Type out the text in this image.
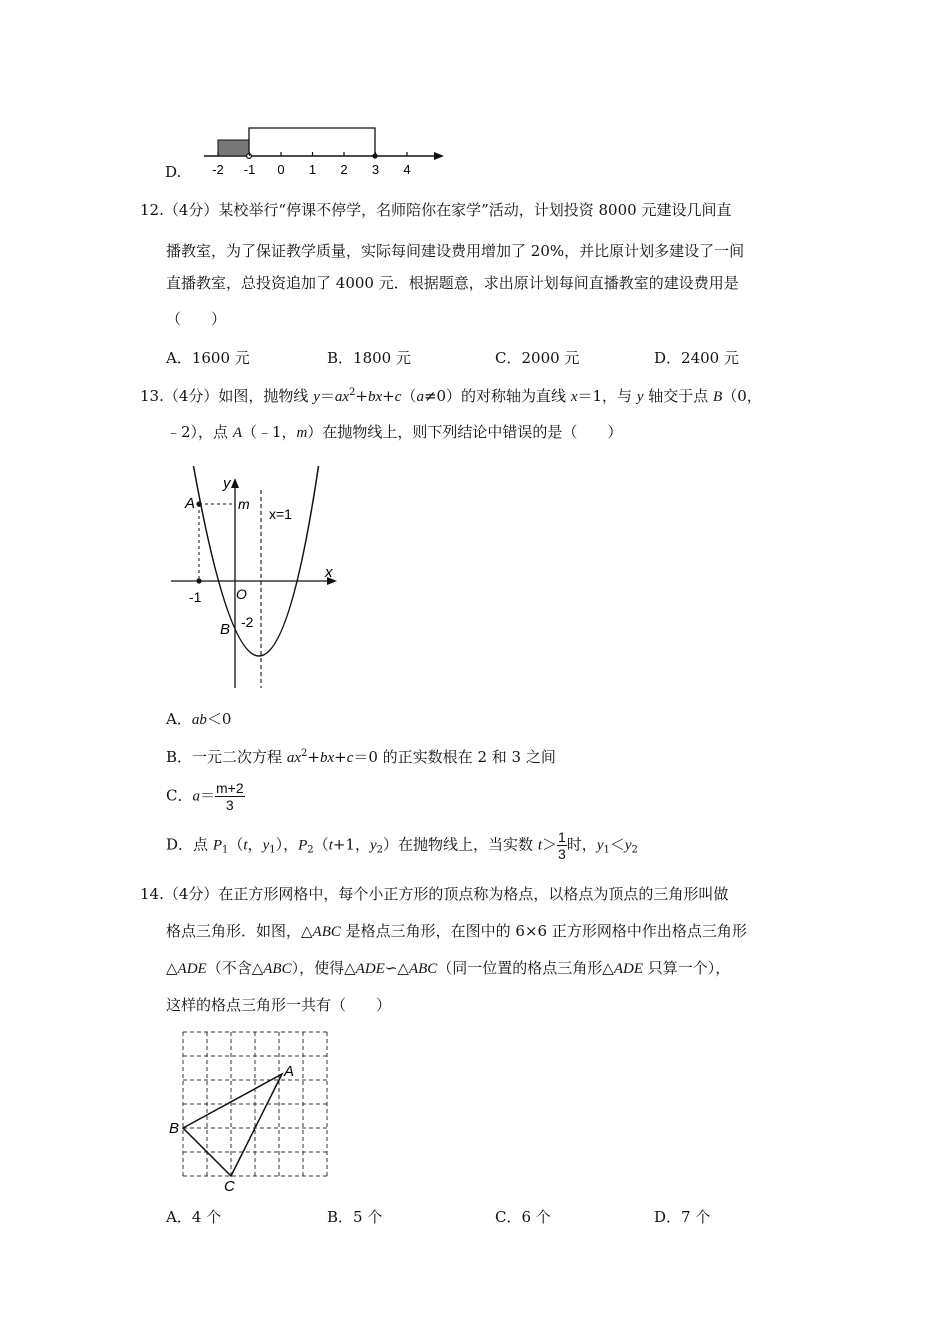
D. -2 -1 0 1 2 3 4
12.（4分）某校举行“停课不停学，名师陪你在家学”活动，计划投资 8000 元建设几间直
播教室，为了保证教学质量，实际每间建设费用增加了 20%，并比原计划多建设了一间
直播教室，总投资追加了 4000 元．根据题意，求出原计划每间直播教室的建设费用是
（　　）
A．1600 元	B．1800 元	C．2000 元	D．2400 元
13.（4分）如图，抛物线 $y=ax^2+bx+c(a\ne 0)$的对称轴为直线 x＝1，与 y 轴交于点 B（0，
﹣2），点 A（﹣1，m）在抛物线上，则下列结论中错误的是（　　）
y
x
A	m
x=1
O
-1
B -2
A．ab＜0
B．一元二次方程 $ax^2+bx+c=0$ 的正实数根在 2 和 3 之间
C．$a= \frac{m+2}{3}$
D．点 $P_1(t$，$y_1$），$P_2(t+1$，$y_2$）在抛物线上，当实数 $t> \frac{1}{3}$ 时，$y_1<y_2$
14.（4分）在正方形网格中，每个小正方形的顶点称为格点，以格点为顶点的三角形叫做
格点三角形．如图，△ABC 是格点三角形，在图中的 6×6 正方形网格中作出格点三角形
△ADE（不含△ABC），使得△ADE∽△ABC（同一位置的格点三角形△ADE 只算一个），
这样的格点三角形一共有（　　）
A
B
C
A．4 个	B．5 个	C．6 个	D．7 个
